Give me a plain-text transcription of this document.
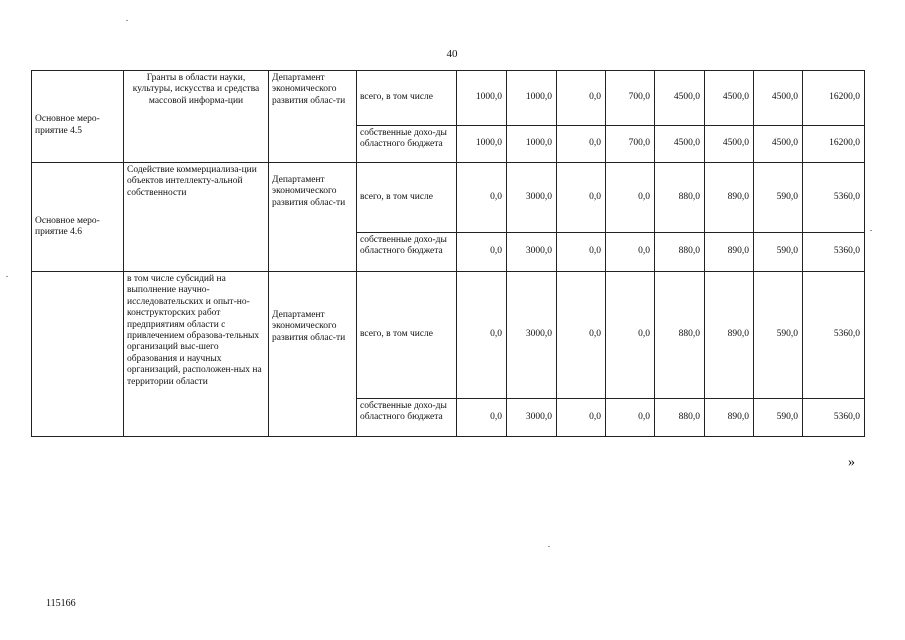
40
Основное меро-
приятие 4.5	Гранты в области науки, культуры, искусства и средства массовой информа-ции	Департамент экономического развития облас-ти	всего, в том числе	1000,0	1000,0	0,0	700,0	4500,0	4500,0	4500,0	16200,0
			собственные дохо-ды областного бюджета	1000,0	1000,0	0,0	700,0	4500,0	4500,0	4500,0	16200,0
Основное меро-
приятие 4.6	Содействие коммерциализа-ции объектов интеллекту-альной собственности	Департамент экономического развития облас-ти	всего, в том числе	0,0	3000,0	0,0	0,0	880,0	890,0	590,0	5360,0
			собственные дохо-ды областного бюджета	0,0	3000,0	0,0	0,0	880,0	890,0	590,0	5360,0
	в том числе субсидий на выполнение научно-исследовательских и опыт-но-конструкторских работ предприятиям области с привлечением образова-тельных организаций выс-шего образования и научных организаций, расположен-ных на территории области	Департамент экономического развития облас-ти	всего, в том числе	0,0	3000,0	0,0	0,0	880,0	890,0	590,0	5360,0
			собственные дохо-ды областного бюджета	0,0	3000,0	0,0	0,0	880,0	890,0	590,0	5360,0
»
115166
